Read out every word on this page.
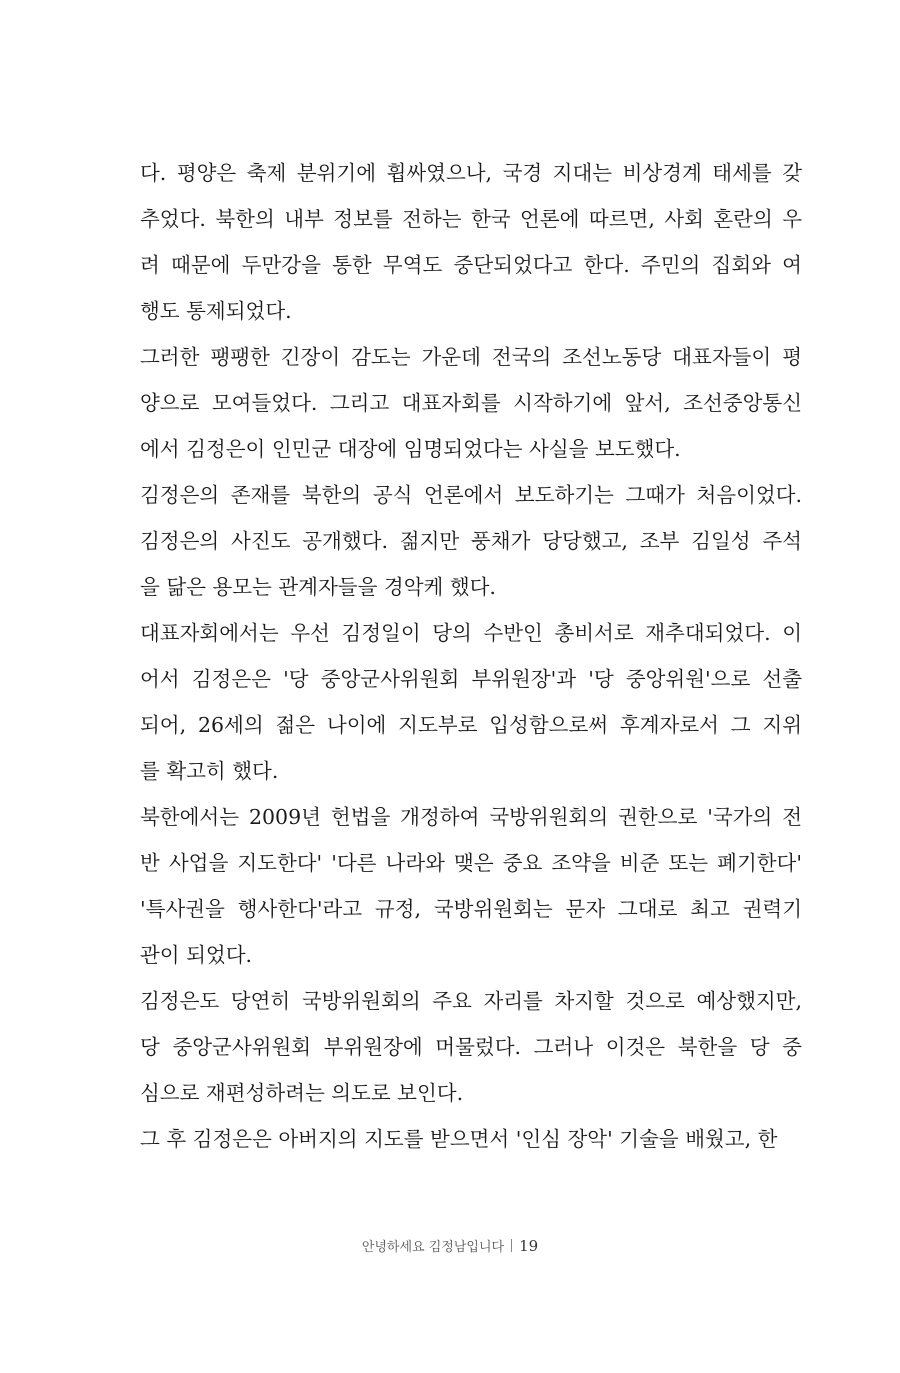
다. 평양은 축제 분위기에 휩싸였으나, 국경 지대는 비상경계 태세를 갖
추었다. 북한의 내부 정보를 전하는 한국 언론에 따르면, 사회 혼란의 우
려 때문에 두만강을 통한 무역도 중단되었다고 한다. 주민의 집회와 여
행도 통제되었다.
그러한 팽팽한 긴장이 감도는 가운데 전국의 조선노동당 대표자들이 평
양으로 모여들었다. 그리고 대표자회를 시작하기에 앞서, 조선중앙통신
에서 김정은이 인민군 대장에 임명되었다는 사실을 보도했다.
김정은의 존재를 북한의 공식 언론에서 보도하기는 그때가 처음이었다.
김정은의 사진도 공개했다. 젊지만 풍채가 당당했고, 조부 김일성 주석
을 닮은 용모는 관계자들을 경악케 했다.
대표자회에서는 우선 김정일이 당의 수반인 총비서로 재추대되었다. 이
어서 김정은은 '당 중앙군사위원회 부위원장'과 '당 중앙위원'으로 선출
되어, 26세의 젊은 나이에 지도부로 입성함으로써 후계자로서 그 지위
를 확고히 했다.
북한에서는 2009년 헌법을 개정하여 국방위원회의 권한으로 '국가의 전
반 사업을 지도한다' '다른 나라와 맺은 중요 조약을 비준 또는 폐기한다'
'특사권을 행사한다'라고 규정, 국방위원회는 문자 그대로 최고 권력기
관이 되었다.
김정은도 당연히 국방위원회의 주요 자리를 차지할 것으로 예상했지만,
당 중앙군사위원회 부위원장에 머물렀다. 그러나 이것은 북한을 당 중
심으로 재편성하려는 의도로 보인다.
그 후 김정은은 아버지의 지도를 받으면서 '인심 장악' 기술을 배웠고, 한
안녕하세요 김정남입니다 19
